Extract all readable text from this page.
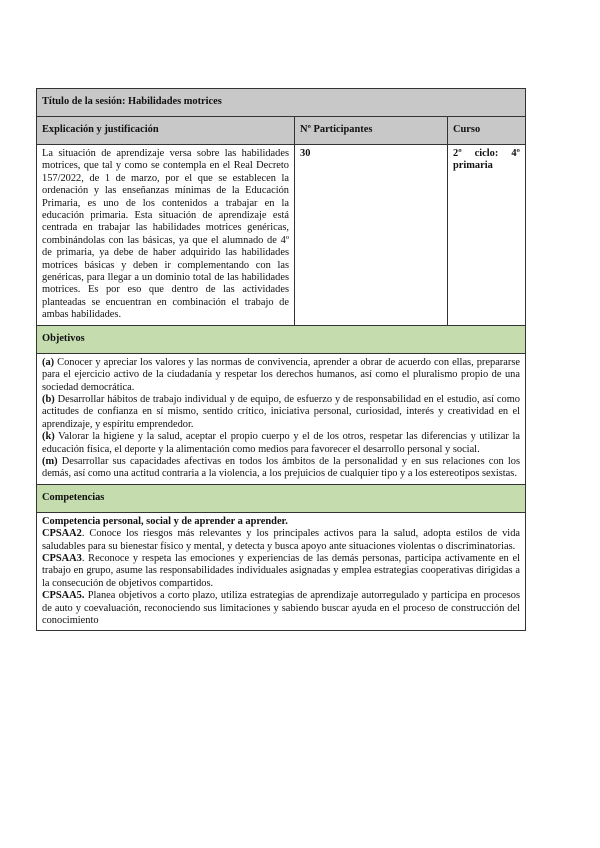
Título de la sesión: Habilidades motrices		
Explicación y justificación	Nº Participantes	Curso
La situación de aprendizaje versa sobre las habilidades motrices, que tal y como se contempla en el Real Decreto 157/2022, de 1 de marzo, por el que se establecen la ordenación y las enseñanzas mínimas de la Educación Primaria, es uno de los contenidos a trabajar en la educación primaria. Esta situación de aprendizaje está centrada en trabajar las habilidades motrices genéricas, combinándolas con las básicas, ya que el alumnado de 4º de primaria, ya debe de haber adquirido las habilidades motrices básicas y deben ir complementando con las genéricas, para llegar a un dominio total de las habilidades motrices. Es por eso que dentro de las actividades planteadas se encuentran en combinación el trabajo de ambas habilidades.	30	2º ciclo: 4º primaria
Objetivos		

(a) Conocer y apreciar los valores y las normas de convivencia, aprender a obrar de acuerdo con ellas, prepararse para el ejercicio activo de la ciudadanía y respetar los derechos humanos, así como el pluralismo propio de una sociedad democrática.

(b) Desarrollar hábitos de trabajo individual y de equipo, de esfuerzo y de responsabilidad en el estudio, así como actitudes de confianza en sí mismo, sentido crítico, iniciativa personal, curiosidad, interés y creatividad en el aprendizaje, y espíritu emprendedor.

(k) Valorar la higiene y la salud, aceptar el propio cuerpo y el de los otros, respetar las diferencias y utilizar la educación física, el deporte y la alimentación como medios para favorecer el desarrollo personal y social.

(m) Desarrollar sus capacidades afectivas en todos los ámbitos de la personalidad y en sus relaciones con los demás, así como una actitud contraria a la violencia, a los prejuicios de cualquier tipo y a los estereotipos sexistas.		

Competencias		

Competencia personal, social y de aprender a aprender.

CPSAA2. Conoce los riesgos más relevantes y los principales activos para la salud, adopta estilos de vida saludables para su bienestar físico y mental, y detecta y busca apoyo ante situaciones violentas o discriminatorias.

CPSAA3. Reconoce y respeta las emociones y experiencias de las demás personas, participa activamente en el trabajo en grupo, asume las responsabilidades individuales asignadas y emplea estrategias cooperativas dirigidas a la consecución de objetivos compartidos.

CPSAA5. Planea objetivos a corto plazo, utiliza estrategias de aprendizaje autorregulado y participa en procesos de auto y coevaluación, reconociendo sus limitaciones y sabiendo buscar ayuda en el proceso de construcción del conocimiento		
